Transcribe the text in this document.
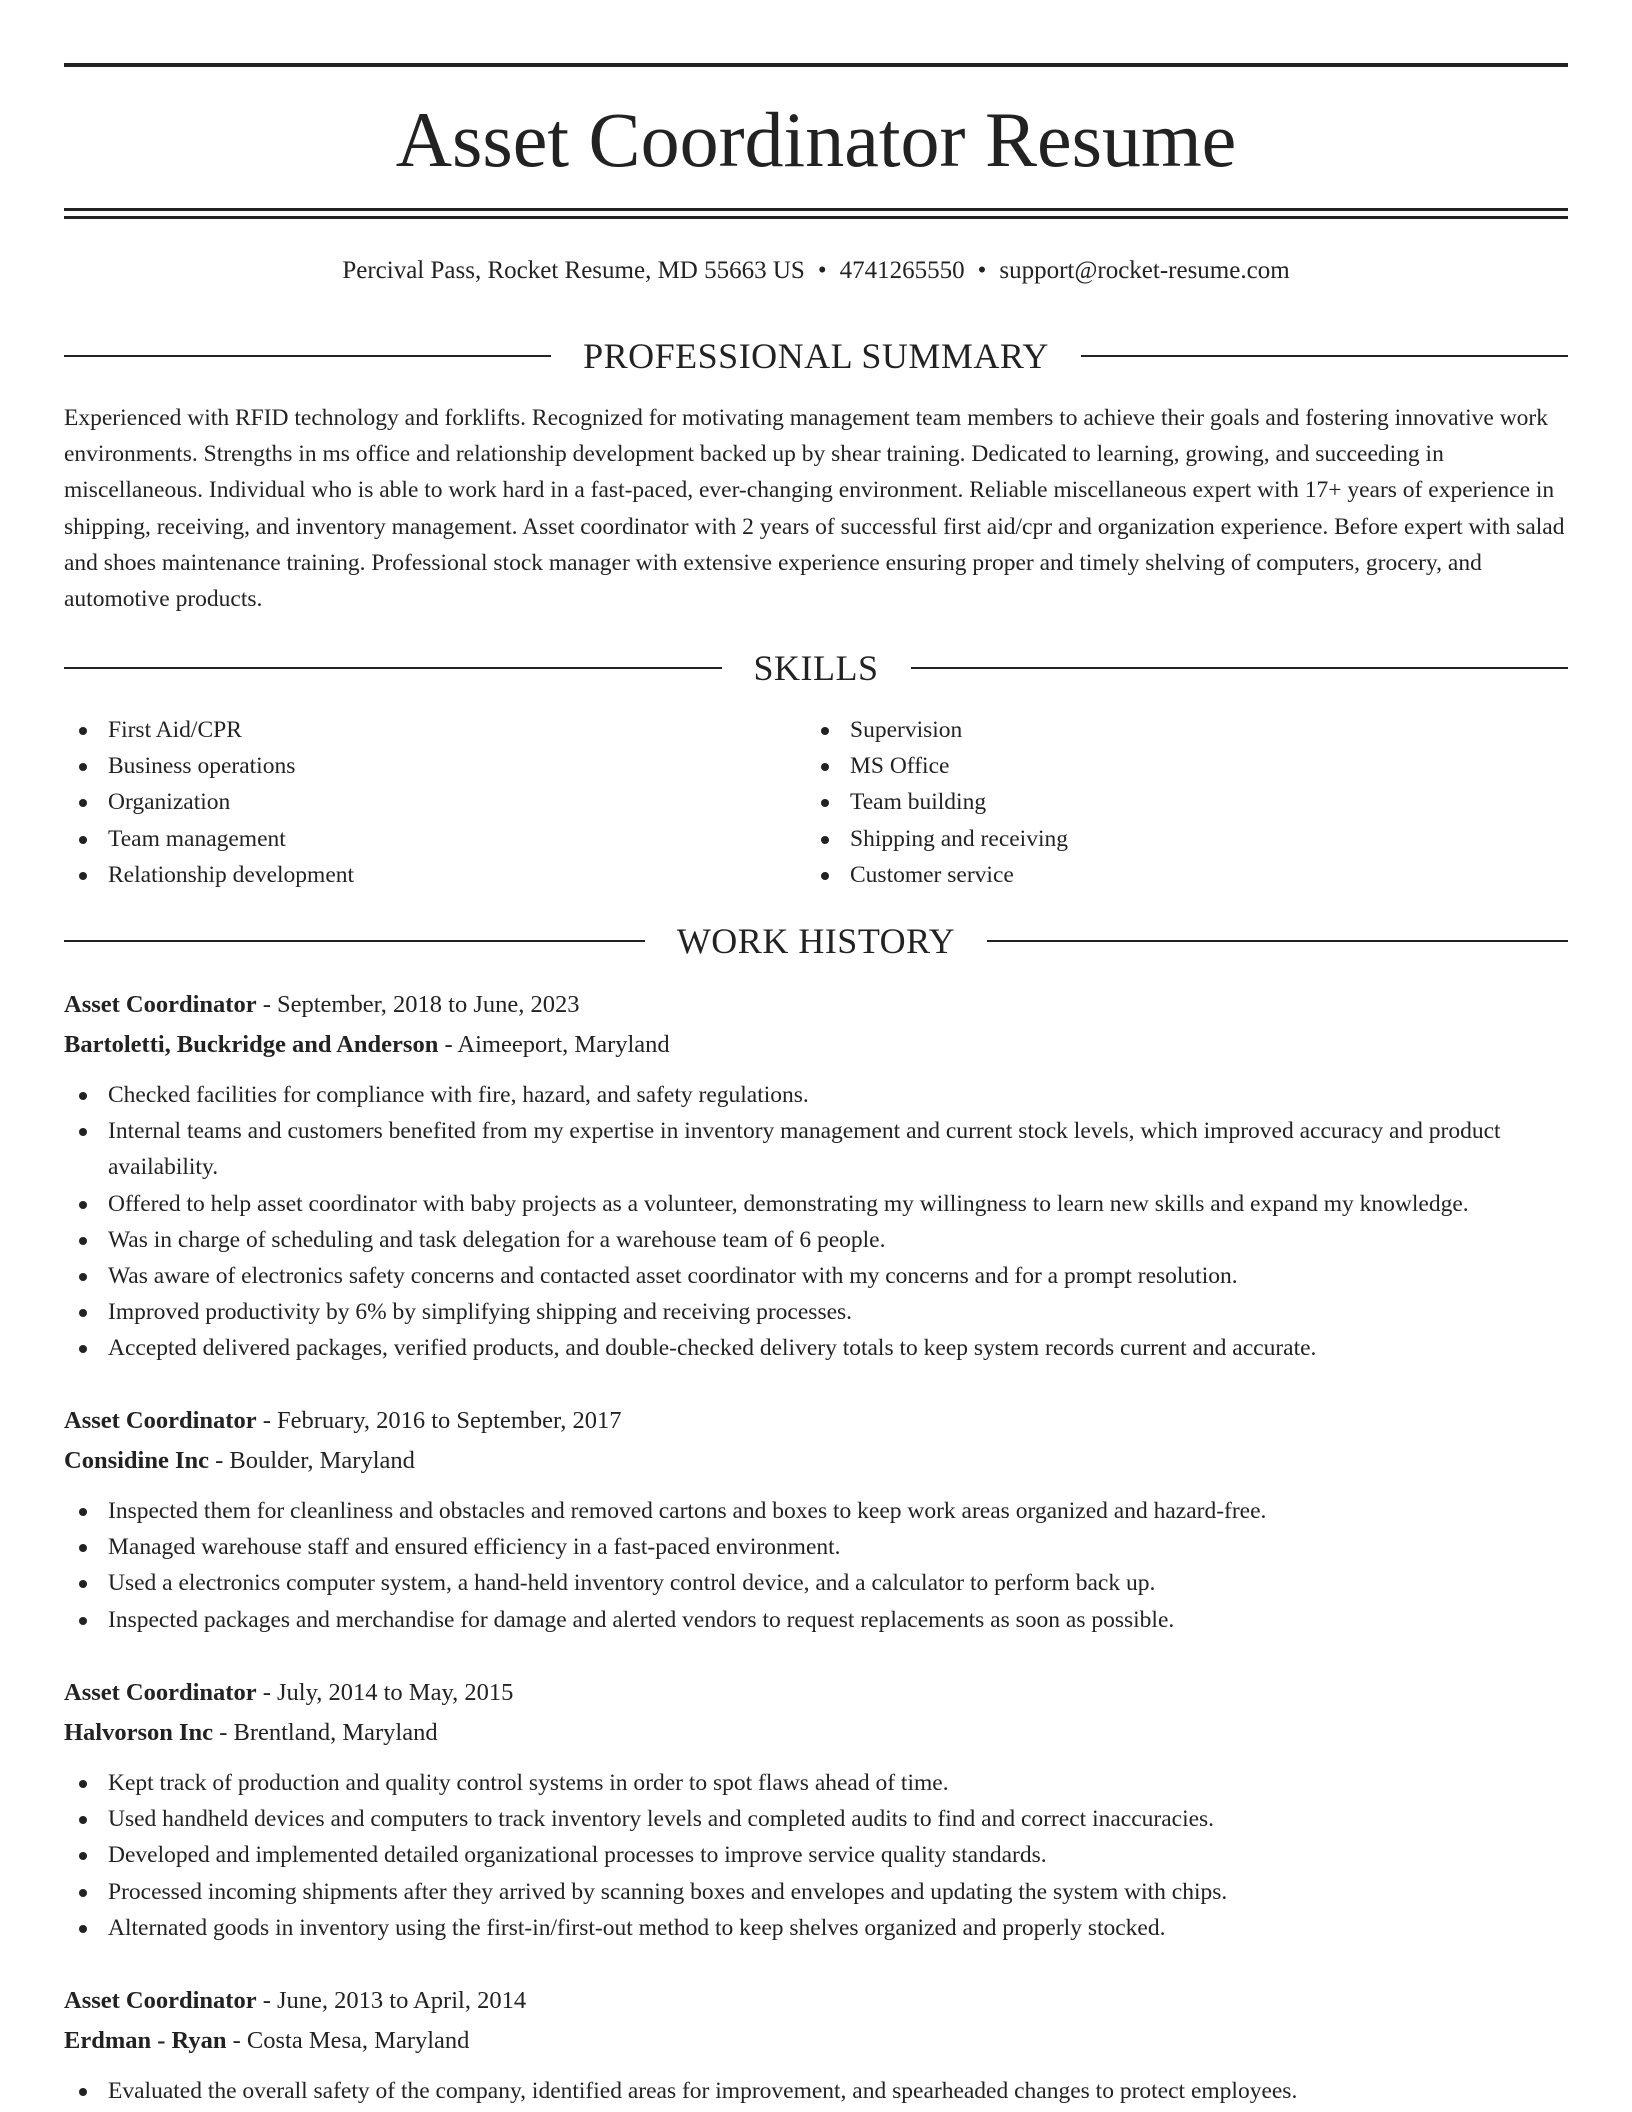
Asset Coordinator Resume
Percival Pass, Rocket Resume, MD 55663 US • 4741265550 • support@rocket-resume.com
PROFESSIONAL SUMMARY
Experienced with RFID technology and forklifts. Recognized for motivating management team members to achieve their goals and fostering innovative work environments. Strengths in ms office and relationship development backed up by shear training. Dedicated to learning, growing, and succeeding in miscellaneous. Individual who is able to work hard in a fast-paced, ever-changing environment. Reliable miscellaneous expert with 17+ years of experience in shipping, receiving, and inventory management. Asset coordinator with 2 years of successful first aid/cpr and organization experience. Before expert with salad and shoes maintenance training. Professional stock manager with extensive experience ensuring proper and timely shelving of computers, grocery, and automotive products.
SKILLS
First Aid/CPR
Business operations
Organization
Team management
Relationship development
Supervision
MS Office
Team building
Shipping and receiving
Customer service
WORK HISTORY
Asset Coordinator - September, 2018 to June, 2023
Bartoletti, Buckridge and Anderson - Aimeeport, Maryland
Checked facilities for compliance with fire, hazard, and safety regulations.
Internal teams and customers benefited from my expertise in inventory management and current stock levels, which improved accuracy and product availability.
Offered to help asset coordinator with baby projects as a volunteer, demonstrating my willingness to learn new skills and expand my knowledge.
Was in charge of scheduling and task delegation for a warehouse team of 6 people.
Was aware of electronics safety concerns and contacted asset coordinator with my concerns and for a prompt resolution.
Improved productivity by 6% by simplifying shipping and receiving processes.
Accepted delivered packages, verified products, and double-checked delivery totals to keep system records current and accurate.
Asset Coordinator - February, 2016 to September, 2017
Considine Inc - Boulder, Maryland
Inspected them for cleanliness and obstacles and removed cartons and boxes to keep work areas organized and hazard-free.
Managed warehouse staff and ensured efficiency in a fast-paced environment.
Used a electronics computer system, a hand-held inventory control device, and a calculator to perform back up.
Inspected packages and merchandise for damage and alerted vendors to request replacements as soon as possible.
Asset Coordinator - July, 2014 to May, 2015
Halvorson Inc - Brentland, Maryland
Kept track of production and quality control systems in order to spot flaws ahead of time.
Used handheld devices and computers to track inventory levels and completed audits to find and correct inaccuracies.
Developed and implemented detailed organizational processes to improve service quality standards.
Processed incoming shipments after they arrived by scanning boxes and envelopes and updating the system with chips.
Alternated goods in inventory using the first-in/first-out method to keep shelves organized and properly stocked.
Asset Coordinator - June, 2013 to April, 2014
Erdman - Ryan - Costa Mesa, Maryland
Evaluated the overall safety of the company, identified areas for improvement, and spearheaded changes to protect employees.
